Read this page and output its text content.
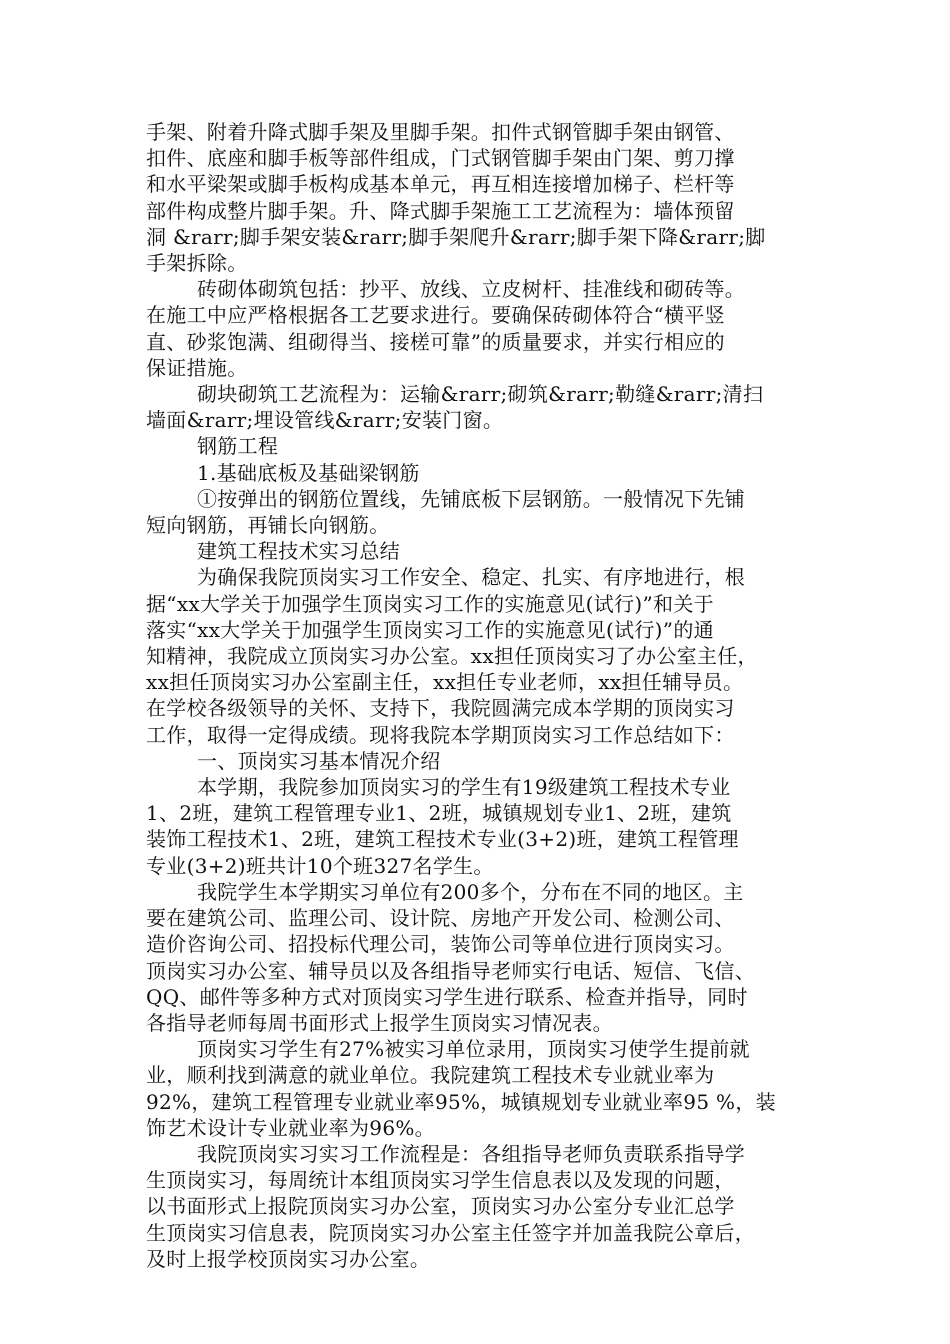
手架、附着升降式脚手架及里脚手架。扣件式钢管脚手架由钢管、
扣件、底座和脚手板等部件组成，门式钢管脚手架由门架、剪刀撑
和水平梁架或脚手板构成基本单元，再互相连接增加梯子、栏杆等
部件构成整片脚手架。升、降式脚手架施工工艺流程为：墙体预留
洞 &rarr;脚手架安装&rarr;脚手架爬升&rarr;脚手架下降&rarr;脚
手架拆除。
砖砌体砌筑包括：抄平、放线、立皮树杆、挂准线和砌砖等。
在施工中应严格根据各工艺要求进行。要确保砖砌体符合“横平竖
直、砂浆饱满、组砌得当、接槎可靠”的质量要求，并实行相应的
保证措施。
砌块砌筑工艺流程为：运输&rarr;砌筑&rarr;勒缝&rarr;清扫
墙面&rarr;埋设管线&rarr;安装门窗。
钢筋工程
1.基础底板及基础梁钢筋
①按弹出的钢筋位置线，先铺底板下层钢筋。一般情况下先铺
短向钢筋，再铺长向钢筋。
建筑工程技术实习总结
为确保我院顶岗实习工作安全、稳定、扎实、有序地进行，根
据“xx大学关于加强学生顶岗实习工作的实施意见(试行)”和关于
落实“xx大学关于加强学生顶岗实习工作的实施意见(试行)”的通
知精神，我院成立顶岗实习办公室。xx担任顶岗实习了办公室主任，
xx担任顶岗实习办公室副主任，xx担任专业老师，xx担任辅导员。
在学校各级领导的关怀、支持下，我院圆满完成本学期的顶岗实习
工作，取得一定得成绩。现将我院本学期顶岗实习工作总结如下：
一、顶岗实习基本情况介绍
本学期，我院参加顶岗实习的学生有19级建筑工程技术专业
1、2班，建筑工程管理专业1、2班，城镇规划专业1、2班，建筑
装饰工程技术1、2班，建筑工程技术专业(3+2)班，建筑工程管理
专业(3+2)班共计10个班327名学生。
我院学生本学期实习单位有200多个，分布在不同的地区。主
要在建筑公司、监理公司、设计院、房地产开发公司、检测公司、
造价咨询公司、招投标代理公司，装饰公司等单位进行顶岗实习。
顶岗实习办公室、辅导员以及各组指导老师实行电话、短信、飞信、
QQ、邮件等多种方式对顶岗实习学生进行联系、检查并指导，同时
各指导老师每周书面形式上报学生顶岗实习情况表。
顶岗实习学生有27%被实习单位录用，顶岗实习使学生提前就
业，顺利找到满意的就业单位。我院建筑工程技术专业就业率为
92%，建筑工程管理专业就业率95%，城镇规划专业就业率95 %，装
饰艺术设计专业就业率为96%。
我院顶岗实习实习工作流程是：各组指导老师负责联系指导学
生顶岗实习，每周统计本组顶岗实习学生信息表以及发现的问题，
以书面形式上报院顶岗实习办公室，顶岗实习办公室分专业汇总学
生顶岗实习信息表，院顶岗实习办公室主任签字并加盖我院公章后，
及时上报学校顶岗实习办公室。
